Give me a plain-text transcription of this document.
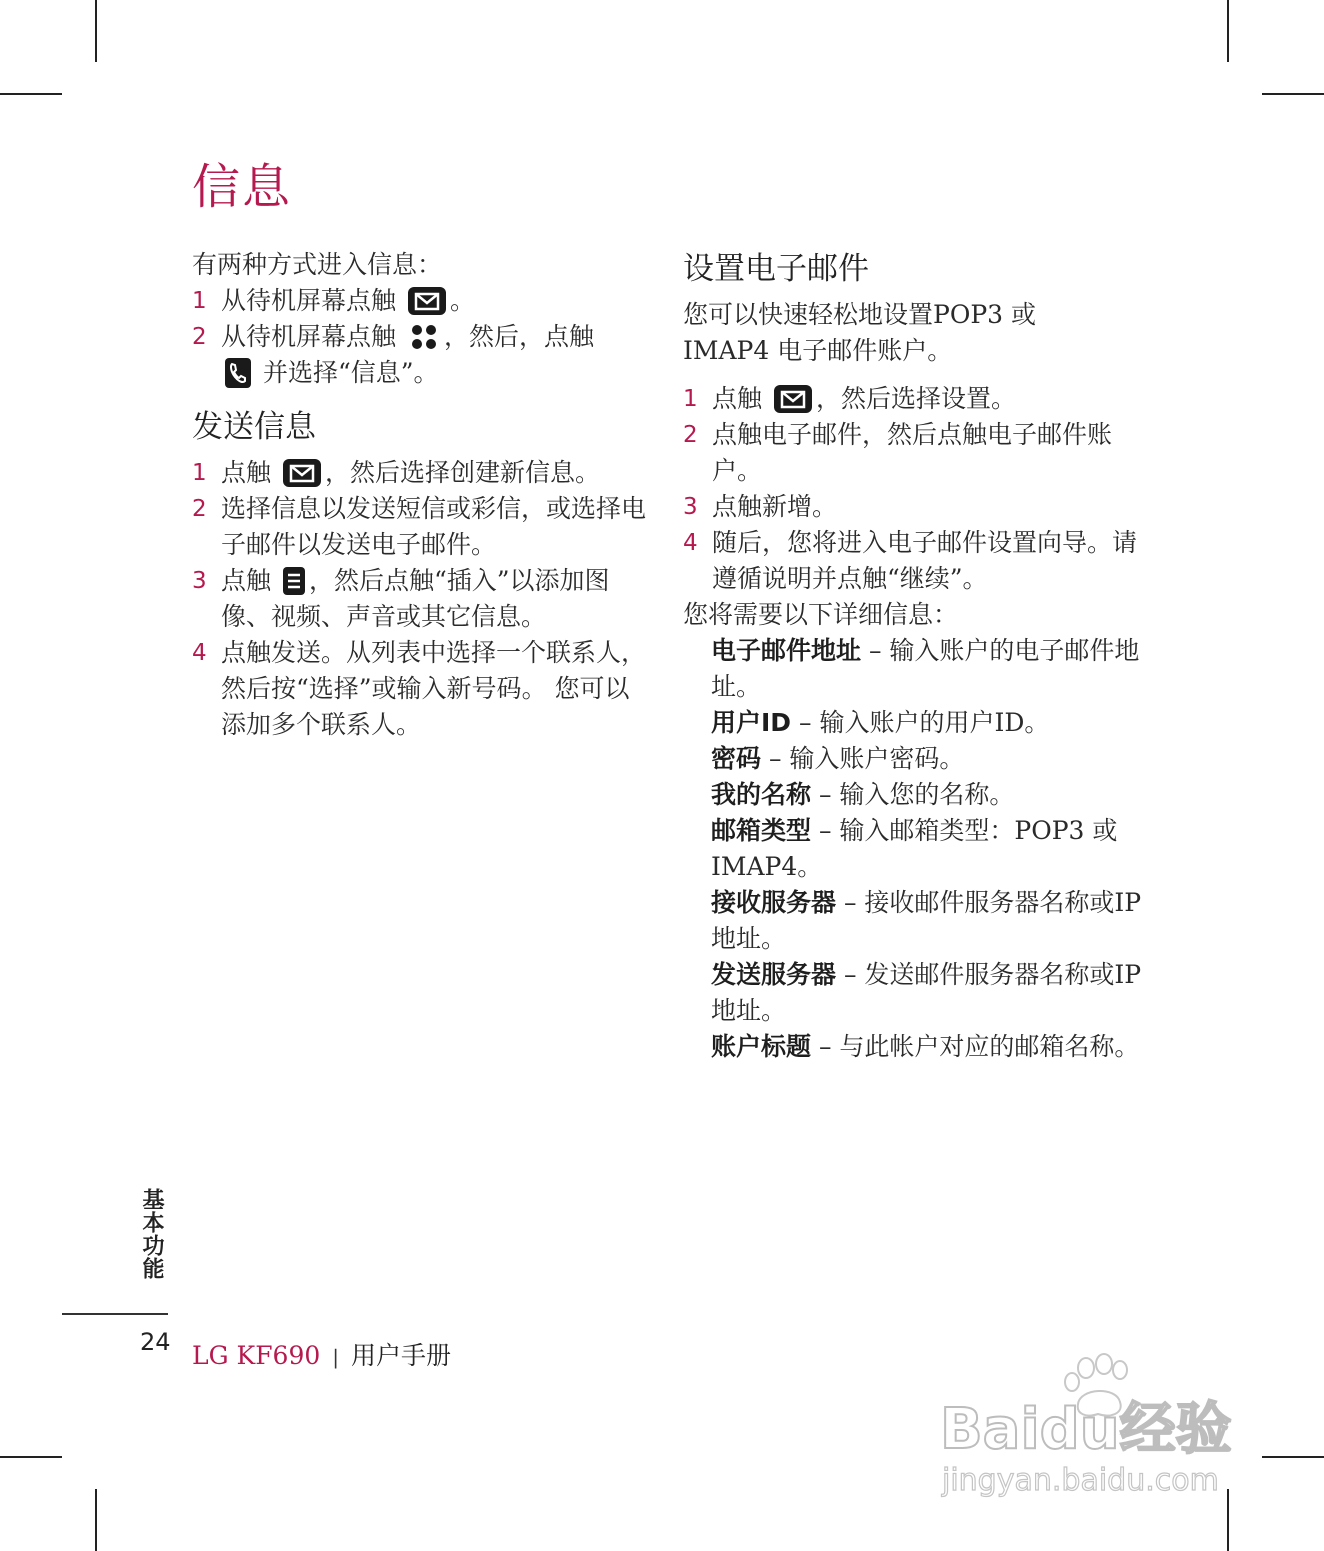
信息

有两种方式进入信息：

1 从待机屏幕点触 。
2 从待机屏幕点触 ，然后，点触

并选择“信息”。
发送信息
1 点触 ，然后选择创建新信息。
2 选择信息以发送短信或彩信，或选择电子邮件以发送电子邮件。
3 点触 ，然后点触“插入”以添加图像、视频、声音或其它信息。
4 点触发送。从列表中选择一个联系人，然后按“选择”或输入新号码。 您可以添加多个联系人。
设置电子邮件

您可以快速轻松地设置POP3 或

IMAP4 电子邮件账户。

1 点触 ，然后选择设置。
2 点触电子邮件，然后点触电子邮件账户。
3 点触新增。
4 随后，您将进入电子邮件设置向导。请遵循说明并点触“继续”。

您将需要以下详细信息：

电子邮件地址 – 输入账户的电子邮件地址。

用户ID – 输入账户的用户ID。

密码 – 输入账户密码。

我的名称 – 输入您的名称。

邮箱类型 – 输入邮箱类型：POP3 或 IMAP4。

接收服务器 – 接收邮件服务器名称或IP地址。

发送服务器 – 发送邮件服务器名称或IP地址。

账户标题 – 与此帐户对应的邮箱名称。

基本功能
24 LG KF690 | 用户手册
Baidu经验
jingyan.baidu.com
